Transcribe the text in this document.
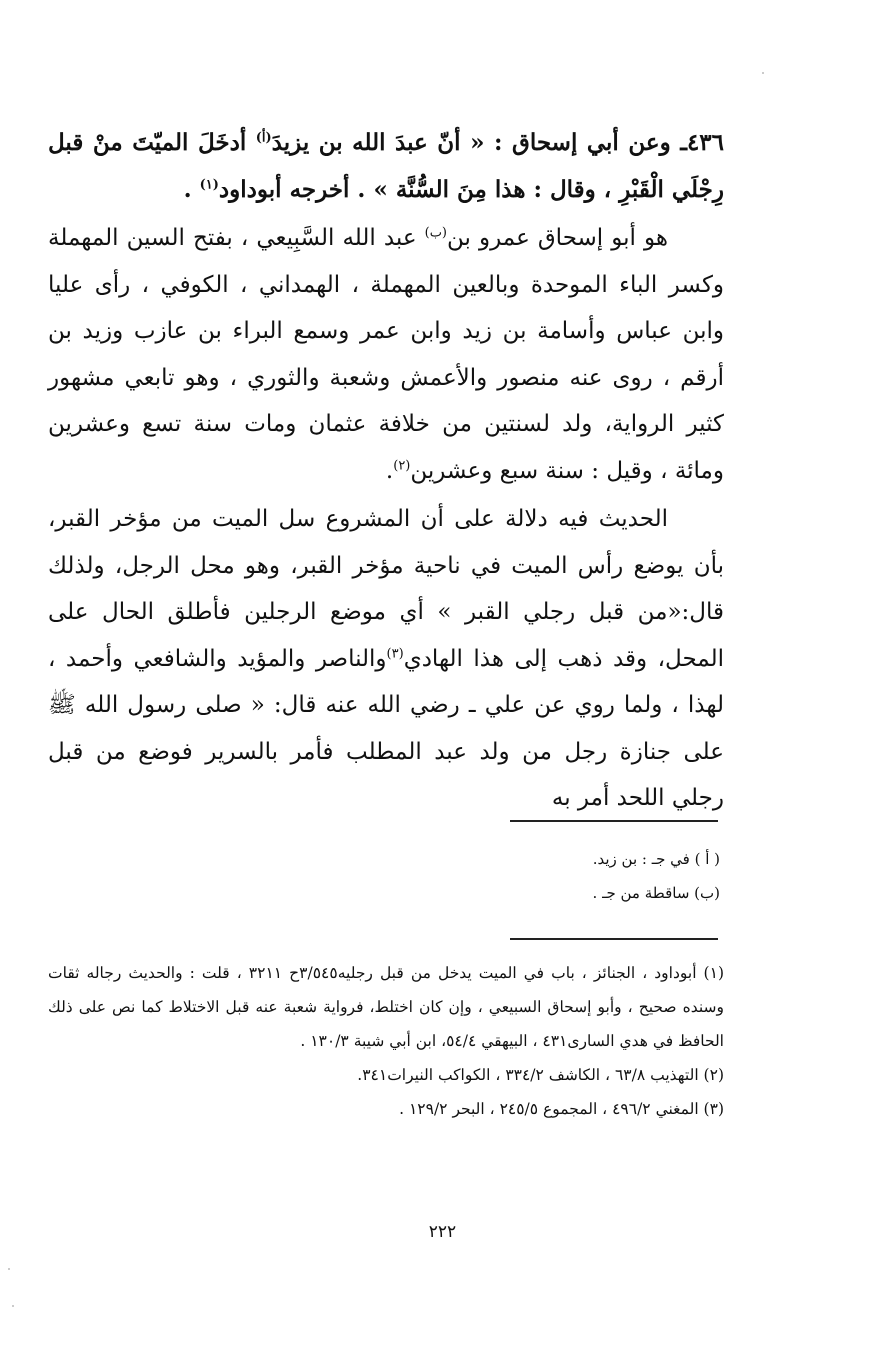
٤٣٦ـ وعن أبي إسحاق : « أنّ عبدَ الله بن يزيدَ$^{(أ)}$ أدخَلَ الميّتَ منْ قبل رِجْلَي الْقَبْرِ ، وقال : هذا مِنَ السُّنَّة » . أخرجه أبوداود$^{(١)}$ .

هو أبو إسحاق عمرو بن$^{(ب)}$ عبد الله السَّبِيعي ، بفتح السين المهملة وكسر الباء الموحدة وبالعين المهملة ، الهمداني ، الكوفي ، رأى عليا وابن عباس وأسامة بن زيد وابن عمر وسمع البراء بن عازب وزيد بن أرقم ، روى عنه منصور والأعمش وشعبة والثوري ، وهو تابعي مشهور كثير الرواية، ولد لسنتين من خلافة عثمان ومات سنة تسع وعشرين ومائة ، وقيل : سنة سبع وعشرين$^{(٢)}$.

الحديث فيه دلالة على أن المشروع سل الميت من مؤخر القبر، بأن يوضع رأس الميت في ناحية مؤخر القبر، وهو محل الرجل، ولذلك قال:«من قبل رجلي القبر » أي موضع الرجلين فأطلق الحال على المحل، وقد ذهب إلى هذا الهادي$^{(٣)}$والناصر والمؤيد والشافعي وأحمد ، لهذا ، ولما روي عن علي ـ رضي الله عنه قال: « صلى رسول الله ﷺ على جنازة رجل من ولد عبد المطلب فأمر بالسرير فوضع من قبل رجلي اللحد أمر به

( أ ) في جـ : بن زيد.
(ب) ساقطة من جـ .

(١) أبوداود ، الجنائز ، باب في الميت يدخل من قبل رجليه٣/٥٤٥ح ٣٢١١ ، قلت : والحديث رجاله ثقات وسنده صحيح ، وأبو إسحاق السبيعي ، وإن كان اختلط، فرواية شعبة عنه قبل الاختلاط كما نص على ذلك الحافظ في هدي السارى٤٣١ ، البيهقي ٥٤/٤، ابن أبي شيبة ١٣٠/٣ .

(٢) التهذيب ٦٣/٨ ، الكاشف ٣٣٤/٢ ، الكواكب النيرات٣٤١.
(٣) المغني ٤٩٦/٢ ، المجموع ٢٤٥/٥ ، البحر ١٢٩/٢ .
٢٢٢
